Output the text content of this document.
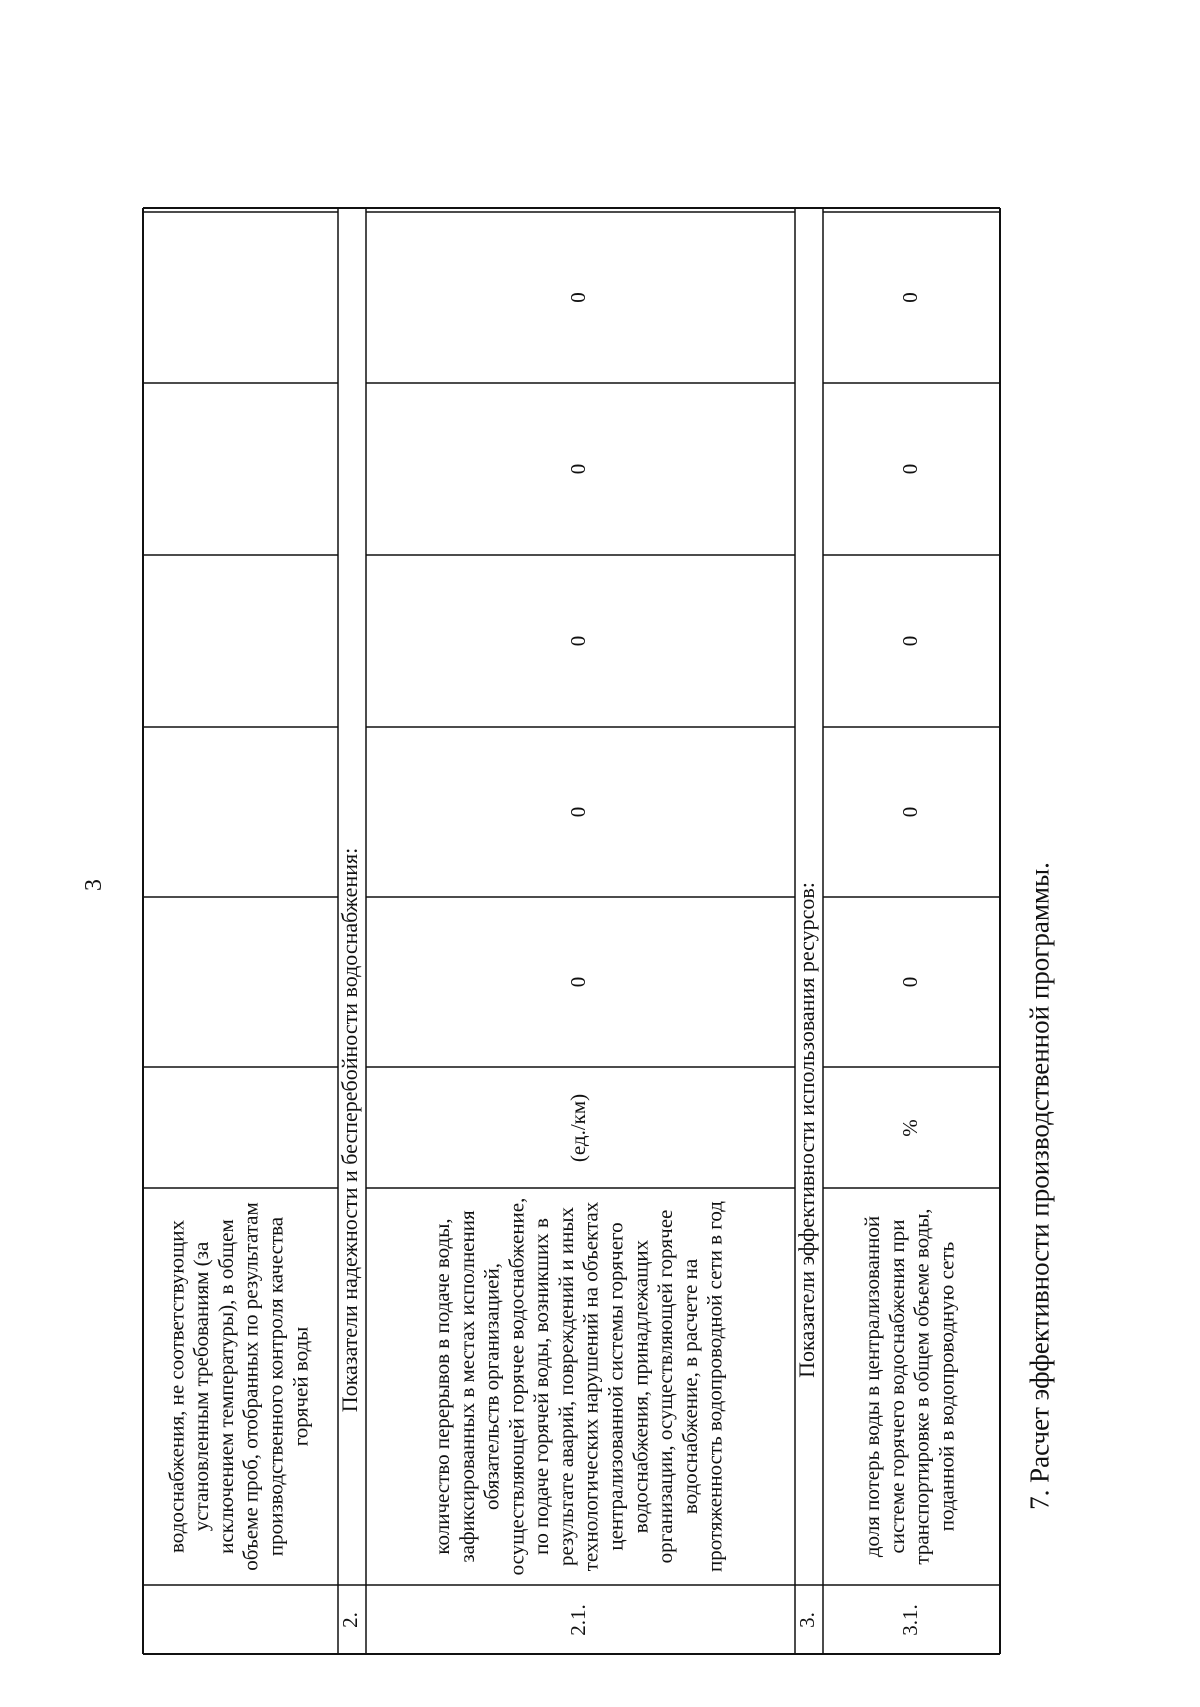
3
водоснабжения, не соответствующих установленным требованиям (за исключением температуры), в общем объеме проб, отобранных по результатам производственного контроля качества горячей воды
2.
Показатели надежности и бесперебойности водоснабжения:
2.1.
количество перерывов в подаче воды, зафиксированных в местах исполнения обязательств организацией, осуществляющей горячее водоснабжение, по подаче горячей воды, возникших в результате аварий, повреждений и иных технологических нарушений на объектах централизованной системы горячего водоснабжения, принадлежащих организации, осуществляющей горячее водоснабжение, в расчете на протяженность водопроводной сети в год
(ед./км)
0
0
0
0
0
3.
Показатели эффективности использования ресурсов:
3.1.
доля потерь воды в централизованной системе горячего водоснабжения при транспортировке в общем объеме воды, поданной в водопроводную сеть
%
0
0
0
0
0
7. Расчет эффективности производственной программы.
